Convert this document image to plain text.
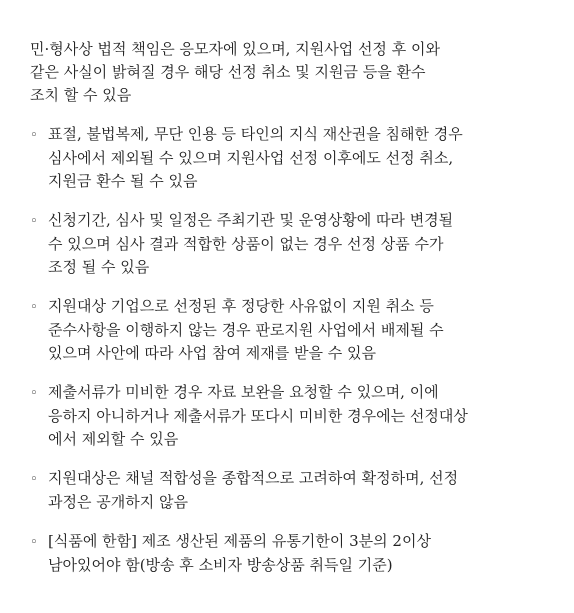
민·형사상 법적 책임은 응모자에 있으며, 지원사업 선정 후 이와
같은 사실이 밝혀질 경우 해당 선정 취소 및 지원금 등을 환수
조치 할 수 있음

◦ 표절, 불법복제, 무단 인용 등 타인의 지식 재산권을 침해한 경우
심사에서 제외될 수 있으며 지원사업 선정 이후에도 선정 취소,
지원금 환수 될 수 있음

◦ 신청기간, 심사 및 일정은 주최기관 및 운영상황에 따라 변경될
수 있으며 심사 결과 적합한 상품이 없는 경우 선정 상품 수가
조정 될 수 있음

◦ 지원대상 기업으로 선정된 후 정당한 사유없이 지원 취소 등
준수사항을 이행하지 않는 경우 판로지원 사업에서 배제될 수
있으며 사안에 따라 사업 참여 제재를 받을 수 있음

◦ 제출서류가 미비한 경우 자료 보완을 요청할 수 있으며, 이에
응하지 아니하거나 제출서류가 또다시 미비한 경우에는 선정대상
에서 제외할 수 있음

◦ 지원대상은 채널 적합성을 종합적으로 고려하여 확정하며, 선정
과정은 공개하지 않음

◦ [식품에 한함] 제조 생산된 제품의 유통기한이 3분의 2이상
남아있어야 함(방송 후 소비자 방송상품 취득일 기준)
